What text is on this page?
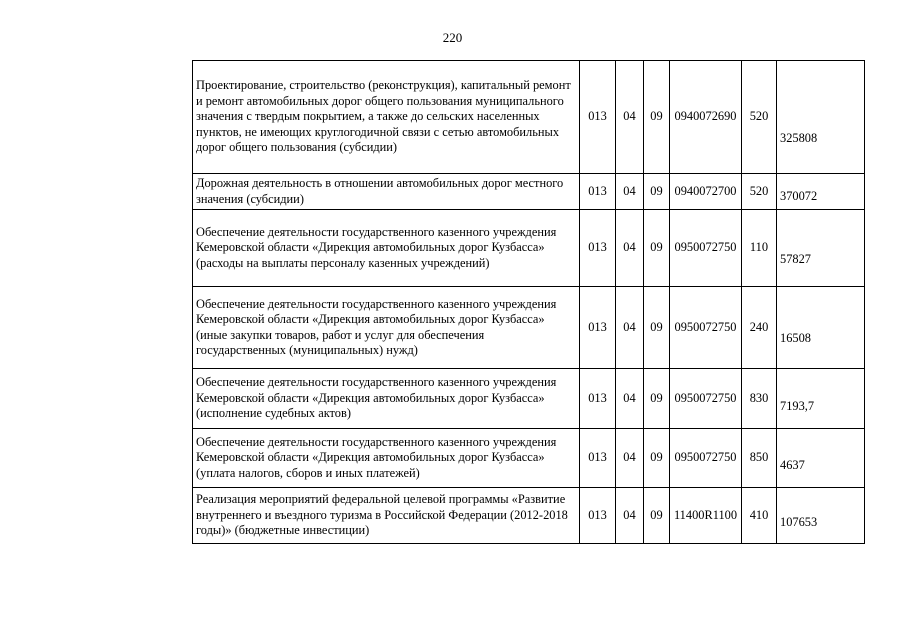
220
Проектирование, строительство (реконструкция), капитальный ремонт и ремонт автомобильных дорог общего пользования муниципального значения с твердым покрытием, а также до сельских населенных пунктов, не имеющих круглогодичной связи с сетью автомобильных дорог общего пользования (субсидии)	013	04	09	0940072690	520	325808

Дорожная деятельность в отношении автомобильных дорог местного значения (субсидии)	013	04	09	0940072700	520	370072

Обеспечение деятельности государственного казенного учреждения Кемеровской области «Дирекция автомобильных дорог Кузбасса» (расходы на выплаты персоналу казенных учреждений)	013	04	09	0950072750	110	57827

Обеспечение деятельности государственного казенного учреждения Кемеровской области «Дирекция автомобильных дорог Кузбасса» (иные закупки товаров, работ и услуг для обеспечения государственных (муниципальных) нужд)	013	04	09	0950072750	240	16508

Обеспечение деятельности государственного казенного учреждения Кемеровской области «Дирекция автомобильных дорог Кузбасса» (исполнение судебных актов)	013	04	09	0950072750	830	7193,7

Обеспечение деятельности государственного казенного учреждения Кемеровской области «Дирекция автомобильных дорог Кузбасса» (уплата налогов, сборов и иных платежей)	013	04	09	0950072750	850	4637

Реализация мероприятий федеральной целевой программы «Развитие внутреннего и въездного туризма в Российской Федерации (2012-2018 годы)» (бюджетные инвестиции)	013	04	09	11400R1100	410	107653
